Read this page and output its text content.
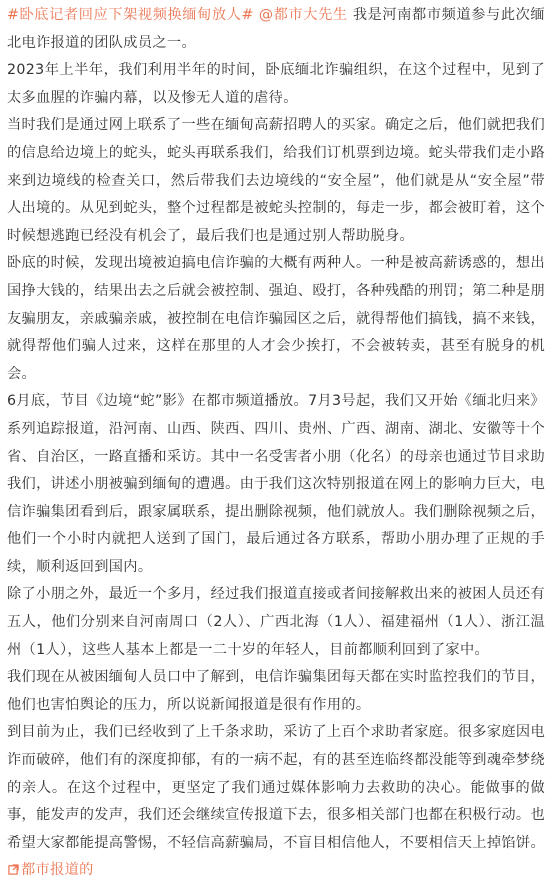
#卧底记者回应下架视频换缅甸放人# @都市大先生 我是河南都市频道参与此次缅北电诈报道的团队成员之一。

2023年上半年，我们利用半年的时间，卧底缅北诈骗组织，在这个过程中，见到了太多血腥的诈骗内幕，以及惨无人道的虐待。

当时我们是通过网上联系了一些在缅甸高薪招聘人的买家。确定之后，他们就把我们的信息给边境上的蛇头，蛇头再联系我们，给我们订机票到边境。蛇头带我们走小路来到边境线的检查关口，然后带我们去边境线的“安全屋”，他们就是从“安全屋”带人出境的。从见到蛇头，整个过程都是被蛇头控制的，每走一步，都会被盯着，这个时候想逃跑已经没有机会了，最后我们也是通过别人帮助脱身。

卧底的时候，发现出境被迫搞电信诈骗的大概有两种人。一种是被高薪诱惑的，想出国挣大钱的，结果出去之后就会被控制、强迫、殴打，各种残酷的刑罚；第二种是朋友骗朋友，亲戚骗亲戚，被控制在电信诈骗园区之后，就得帮他们搞钱，搞不来钱，就得帮他们骗人过来，这样在那里的人才会少挨打，不会被转卖，甚至有脱身的机会。

6月底，节目《边境“蛇”影》在都市频道播放。7月3号起，我们又开始《缅北归来》系列追踪报道，沿河南、山西、陕西、四川、贵州、广西、湖南、湖北、安徽等十个省、自治区，一路直播和采访。其中一名受害者小朋（化名）的母亲也通过节目求助我们，讲述小朋被骗到缅甸的遭遇。由于我们这次特别报道在网上的影响力巨大，电信诈骗集团看到后，跟家属联系，提出删除视频，他们就放人。我们删除视频之后，他们一个小时内就把人送到了国门，最后通过各方联系，帮助小朋办理了正规的手续，顺利返回到国内。

除了小朋之外，最近一个多月，经过我们报道直接或者间接解救出来的被困人员还有五人，他们分别来自河南周口（2人）、广西北海（1人）、福建福州（1人）、浙江温州（1人），这些人基本上都是一二十岁的年轻人，目前都顺利回到了家中。

我们现在从被困缅甸人员口中了解到，电信诈骗集团每天都在实时监控我们的节目，他们也害怕舆论的压力，所以说新闻报道是很有作用的。

到目前为止，我们已经收到了上千条求助，采访了上百个求助者家庭。很多家庭因电诈而破碎，他们有的深度抑郁，有的一病不起，有的甚至连临终都没能等到魂牵梦绕的亲人。在这个过程中，更坚定了我们通过媒体影响力去救助的决心。能做事的做事，能发声的发声，我们还会继续宣传报道下去，很多相关部门也都在积极行动。也希望大家都能提高警惕，不轻信高薪骗局，不盲目相信他人，不要相信天上掉馅饼。都市报道的
